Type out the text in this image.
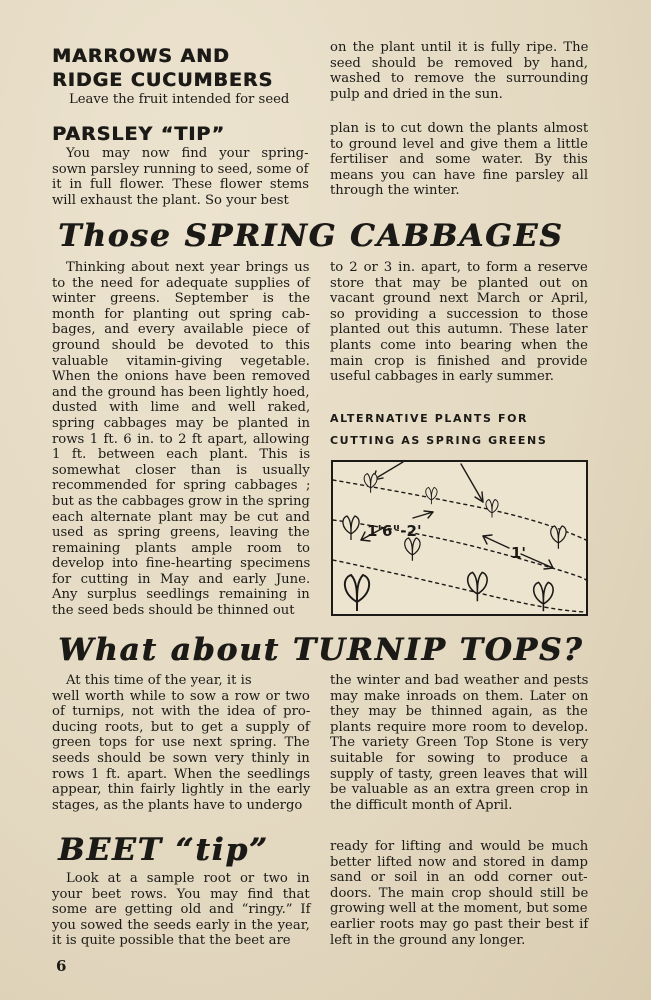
MARROWS AND
RIDGE CUCUMBERS
Leave the fruit intended for seed
on the plant until it is fully ripe. The
seed should be removed by hand,
washed to remove the surrounding
pulp and dried in the sun.
PARSLEY “TIP”
You may now find your spring-
sown parsley running to seed, some of
it in full flower. These flower stems
will exhaust the plant. So your best
plan is to cut down the plants almost
to ground level and give them a little
fertiliser and some water. By this
means you can have fine parsley all
through the winter.
Those SPRING CABBAGES
Thinking about next year brings us
to the need for adequate supplies of
winter greens. September is the
month for planting out spring cab-
bages, and every available piece of
ground should be devoted to this
valuable vitamin-giving vegetable.
When the onions have been removed
and the ground has been lightly hoed,
dusted with lime and well raked,
spring cabbages may be planted in
rows 1 ft. 6 in. to 2 ft apart, allowing
1 ft. between each plant. This is
somewhat closer than is usually
recommended for spring cabbages ;
but as the cabbages grow in the spring
each alternate plant may be cut and
used as spring greens, leaving the
remaining plants ample room to
develop into fine-hearting specimens
for cutting in May and early June.
Any surplus seedlings remaining in
the seed beds should be thinned out
to 2 or 3 in. apart, to form a reserve
store that may be planted out on
vacant ground next March or April,
so providing a succession to those
planted out this autumn. These later
plants come into bearing when the
main crop is finished and provide
useful cabbages in early summer.
ALTERNATIVE PLANTS FOR
CUTTING AS SPRING GREENS
1'6"-2'
1'
What about TURNIP TOPS?
At this time of the year, it is
well worth while to sow a row or two
of turnips, not with the idea of pro-
ducing roots, but to get a supply of
green tops for use next spring. The
seeds should be sown very thinly in
rows 1 ft. apart. When the seedlings
appear, thin fairly lightly in the early
stages, as the plants have to undergo
the winter and bad weather and pests
may make inroads on them. Later on
they may be thinned again, as the
plants require more room to develop.
The variety Green Top Stone is very
suitable for sowing to produce a
supply of tasty, green leaves that will
be valuable as an extra green crop in
the difficult month of April.
BEET “tip”
Look at a sample root or two in
your beet rows. You may find that
some are getting old and “ringy.” If
you sowed the seeds early in the year,
it is quite possible that the beet are
ready for lifting and would be much
better lifted now and stored in damp
sand or soil in an odd corner out-
doors. The main crop should still be
growing well at the moment, but some
earlier roots may go past their best if
left in the ground any longer.
6
